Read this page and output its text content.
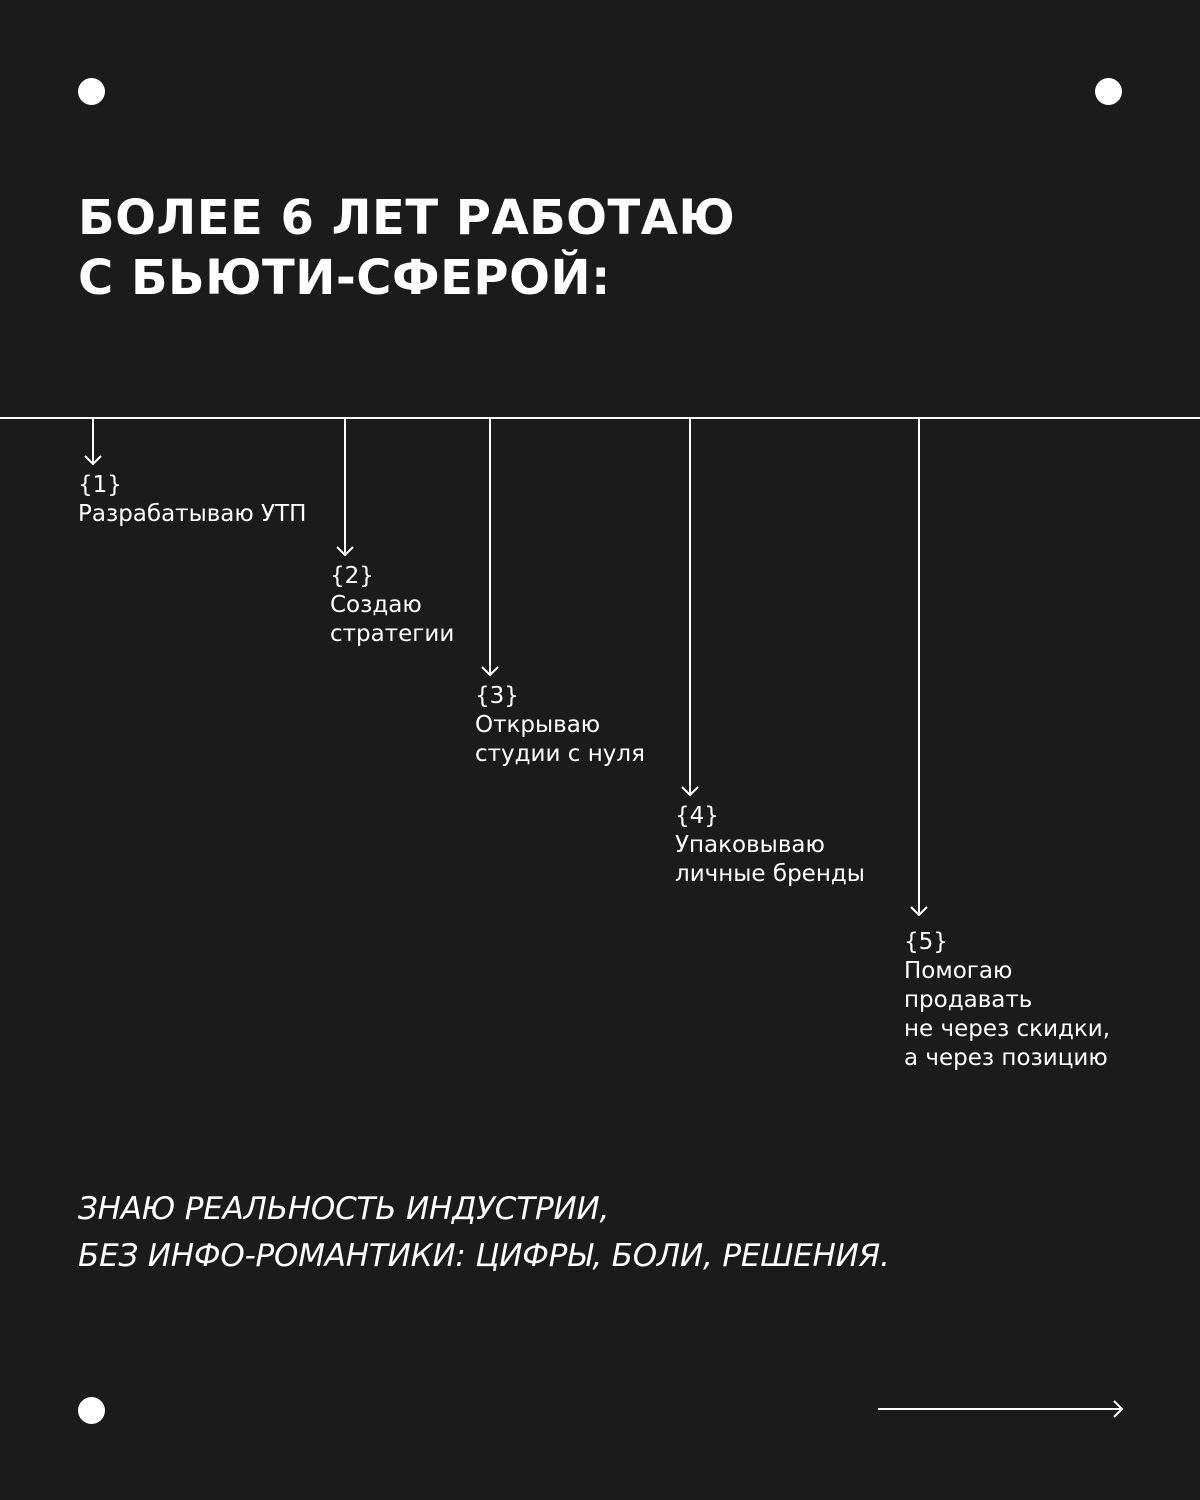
БОЛЕЕ 6 ЛЕТ РАБОТАЮ
С БЬЮТИ-СФЕРОЙ:
{1}
Разрабатываю УТП
{2}
Создаю
стратегии
{3}
Открываю
студии с нуля
{4}
Упаковываю
личные бренды
{5}
Помогаю
продавать
не через скидки,
а через позицию
ЗНАЮ РЕАЛЬНОСТЬ ИНДУСТРИИ,
БЕЗ ИНФО-РОМАНТИКИ: ЦИФРЫ, БОЛИ, РЕШЕНИЯ.
